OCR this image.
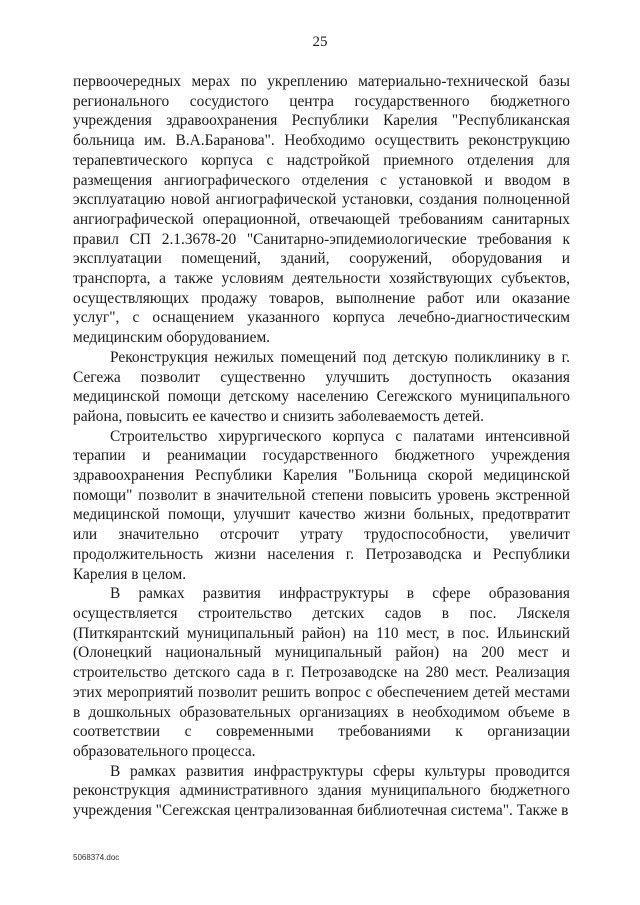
25

первоочередных мерах по укреплению материально-технической базы регионального сосудистого центра государственного бюджетного учреждения здравоохранения Республики Карелия "Республиканская больница им. В.А.Баранова". Необходимо осуществить реконструкцию терапевтического корпуса с надстройкой приемного отделения для размещения ангиографического отделения с установкой и вводом в эксплуатацию новой ангиографической установки, создания полноценной ангиографической операционной, отвечающей требованиям санитарных правил СП 2.1.3678-20 "Санитарно-эпидемиологические требования к эксплуатации помещений, зданий, сооружений, оборудования и транспорта, а также условиям деятельности хозяйствующих субъектов, осуществляющих продажу товаров, выполнение работ или оказание услуг", с оснащением указанного корпуса лечебно-диагностическим медицинским оборудованием.

Реконструкция нежилых помещений под детскую поликлинику в г. Сегежа позволит существенно улучшить доступность оказания медицинской помощи детскому населению Сегежского муниципального района, повысить ее качество и снизить заболеваемость детей.

Строительство хирургического корпуса с палатами интенсивной терапии и реанимации государственного бюджетного учреждения здравоохранения Республики Карелия "Больница скорой медицинской помощи" позволит в значительной степени повысить уровень экстренной медицинской помощи, улучшит качество жизни больных, предотвратит или значительно отсрочит утрату трудоспособности, увеличит продолжительность жизни населения г. Петрозаводска и Республики Карелия в целом.

В рамках развития инфраструктуры в сфере образования осуществляется строительство детских садов в пос. Ляскеля (Питкярантский муниципальный район) на 110 мест, в пос. Ильинский (Олонецкий национальный муниципальный район) на 200 мест и строительство детского сада в г. Петрозаводске на 280 мест. Реализация этих мероприятий позволит решить вопрос с обеспечением детей местами в дошкольных образовательных организациях в необходимом объеме в соответствии с современными требованиями к организации образовательного процесса.

В рамках развития инфраструктуры сферы культуры проводится реконструкция административного здания муниципального бюджетного учреждения "Сегежская централизованная библиотечная система". Также в

5068374.doc
